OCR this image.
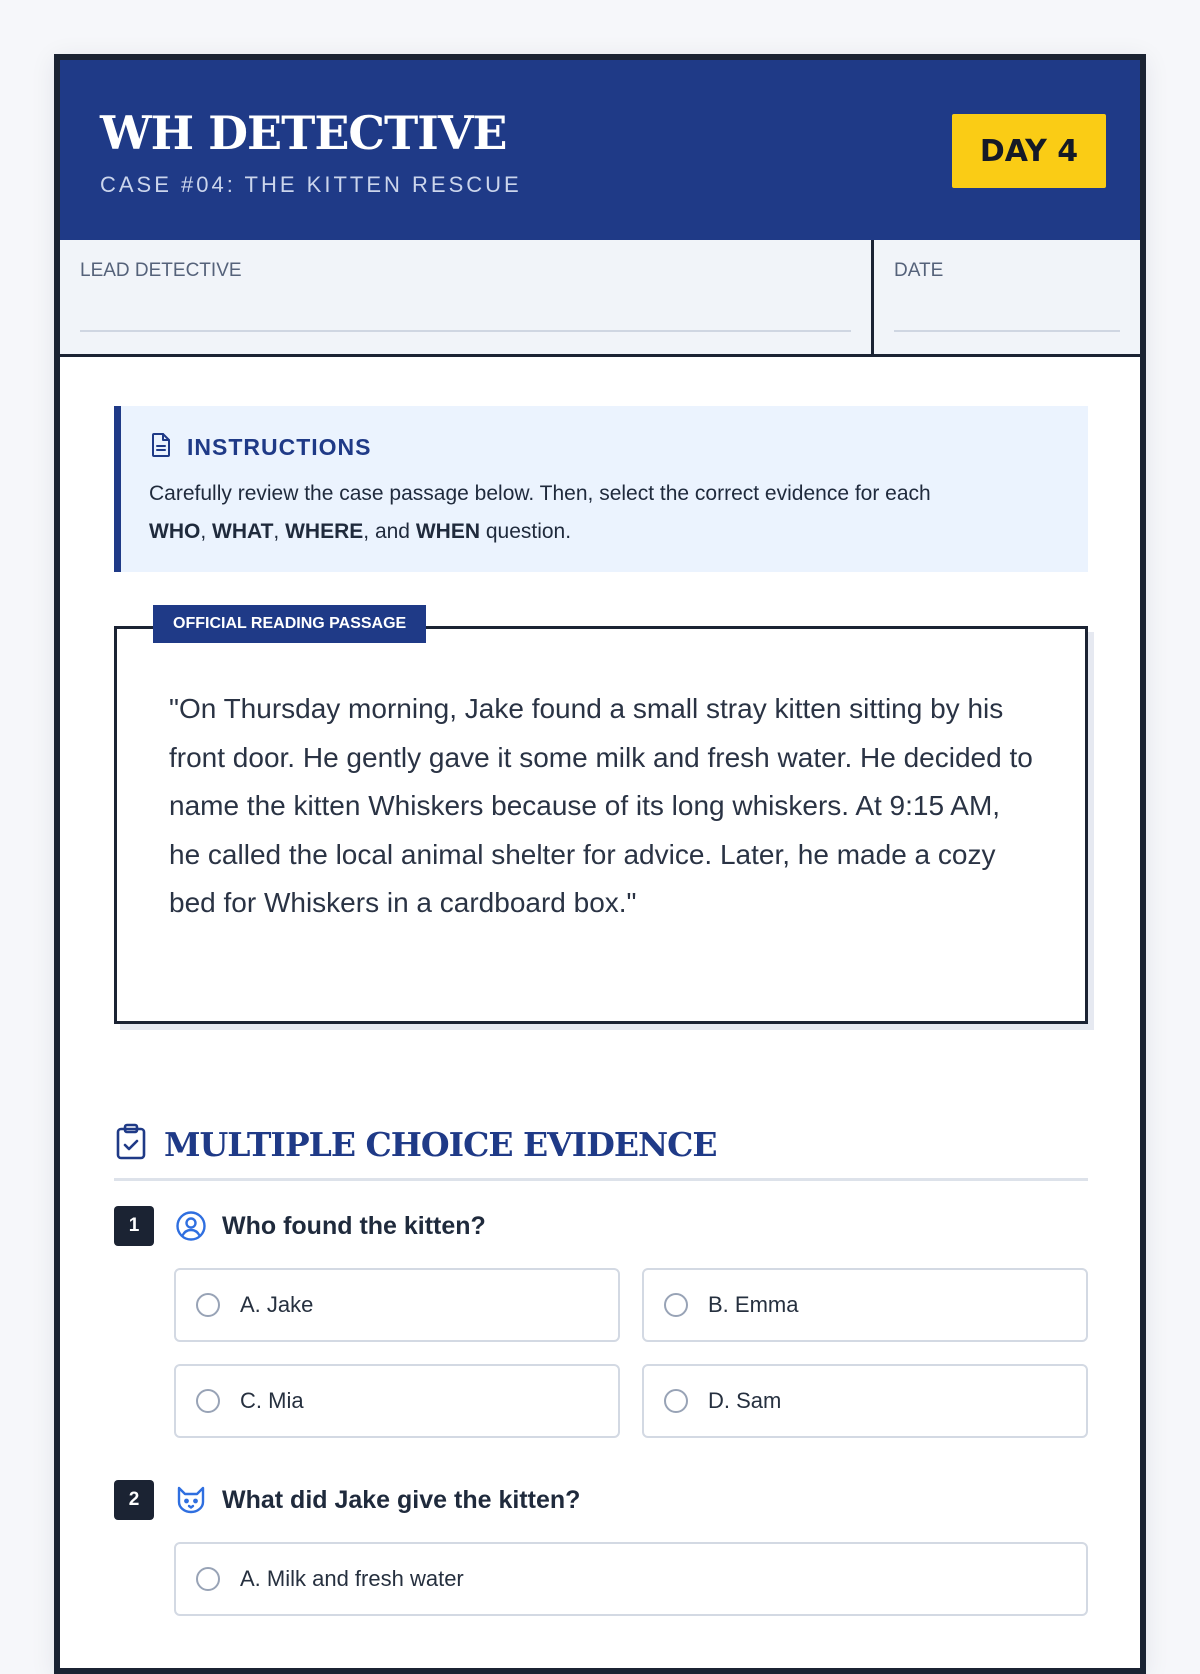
WH DETECTIVE
CASE #04: THE KITTEN RESCUE
DAY 4
LEAD DETECTIVE	DATE
INSTRUCTIONS
Carefully review the case passage below. Then, select the correct evidence for each
WHO, WHAT, WHERE, and WHEN question.
OFFICIAL READING PASSAGE

"On Thursday morning, Jake found a small stray kitten sitting by his front door. He gently gave it some milk and fresh water. He decided to name the kitten Whiskers because of its long whiskers. At 9:15 AM, he called the local animal shelter for advice. Later, he made a cozy bed for Whiskers in a cardboard box."

MULTIPLE CHOICE EVIDENCE
1	Who found the kitten?
A. Jake	B. Emma
C. Mia	D. Sam
2	What did Jake give the kitten?
A. Milk and fresh water
